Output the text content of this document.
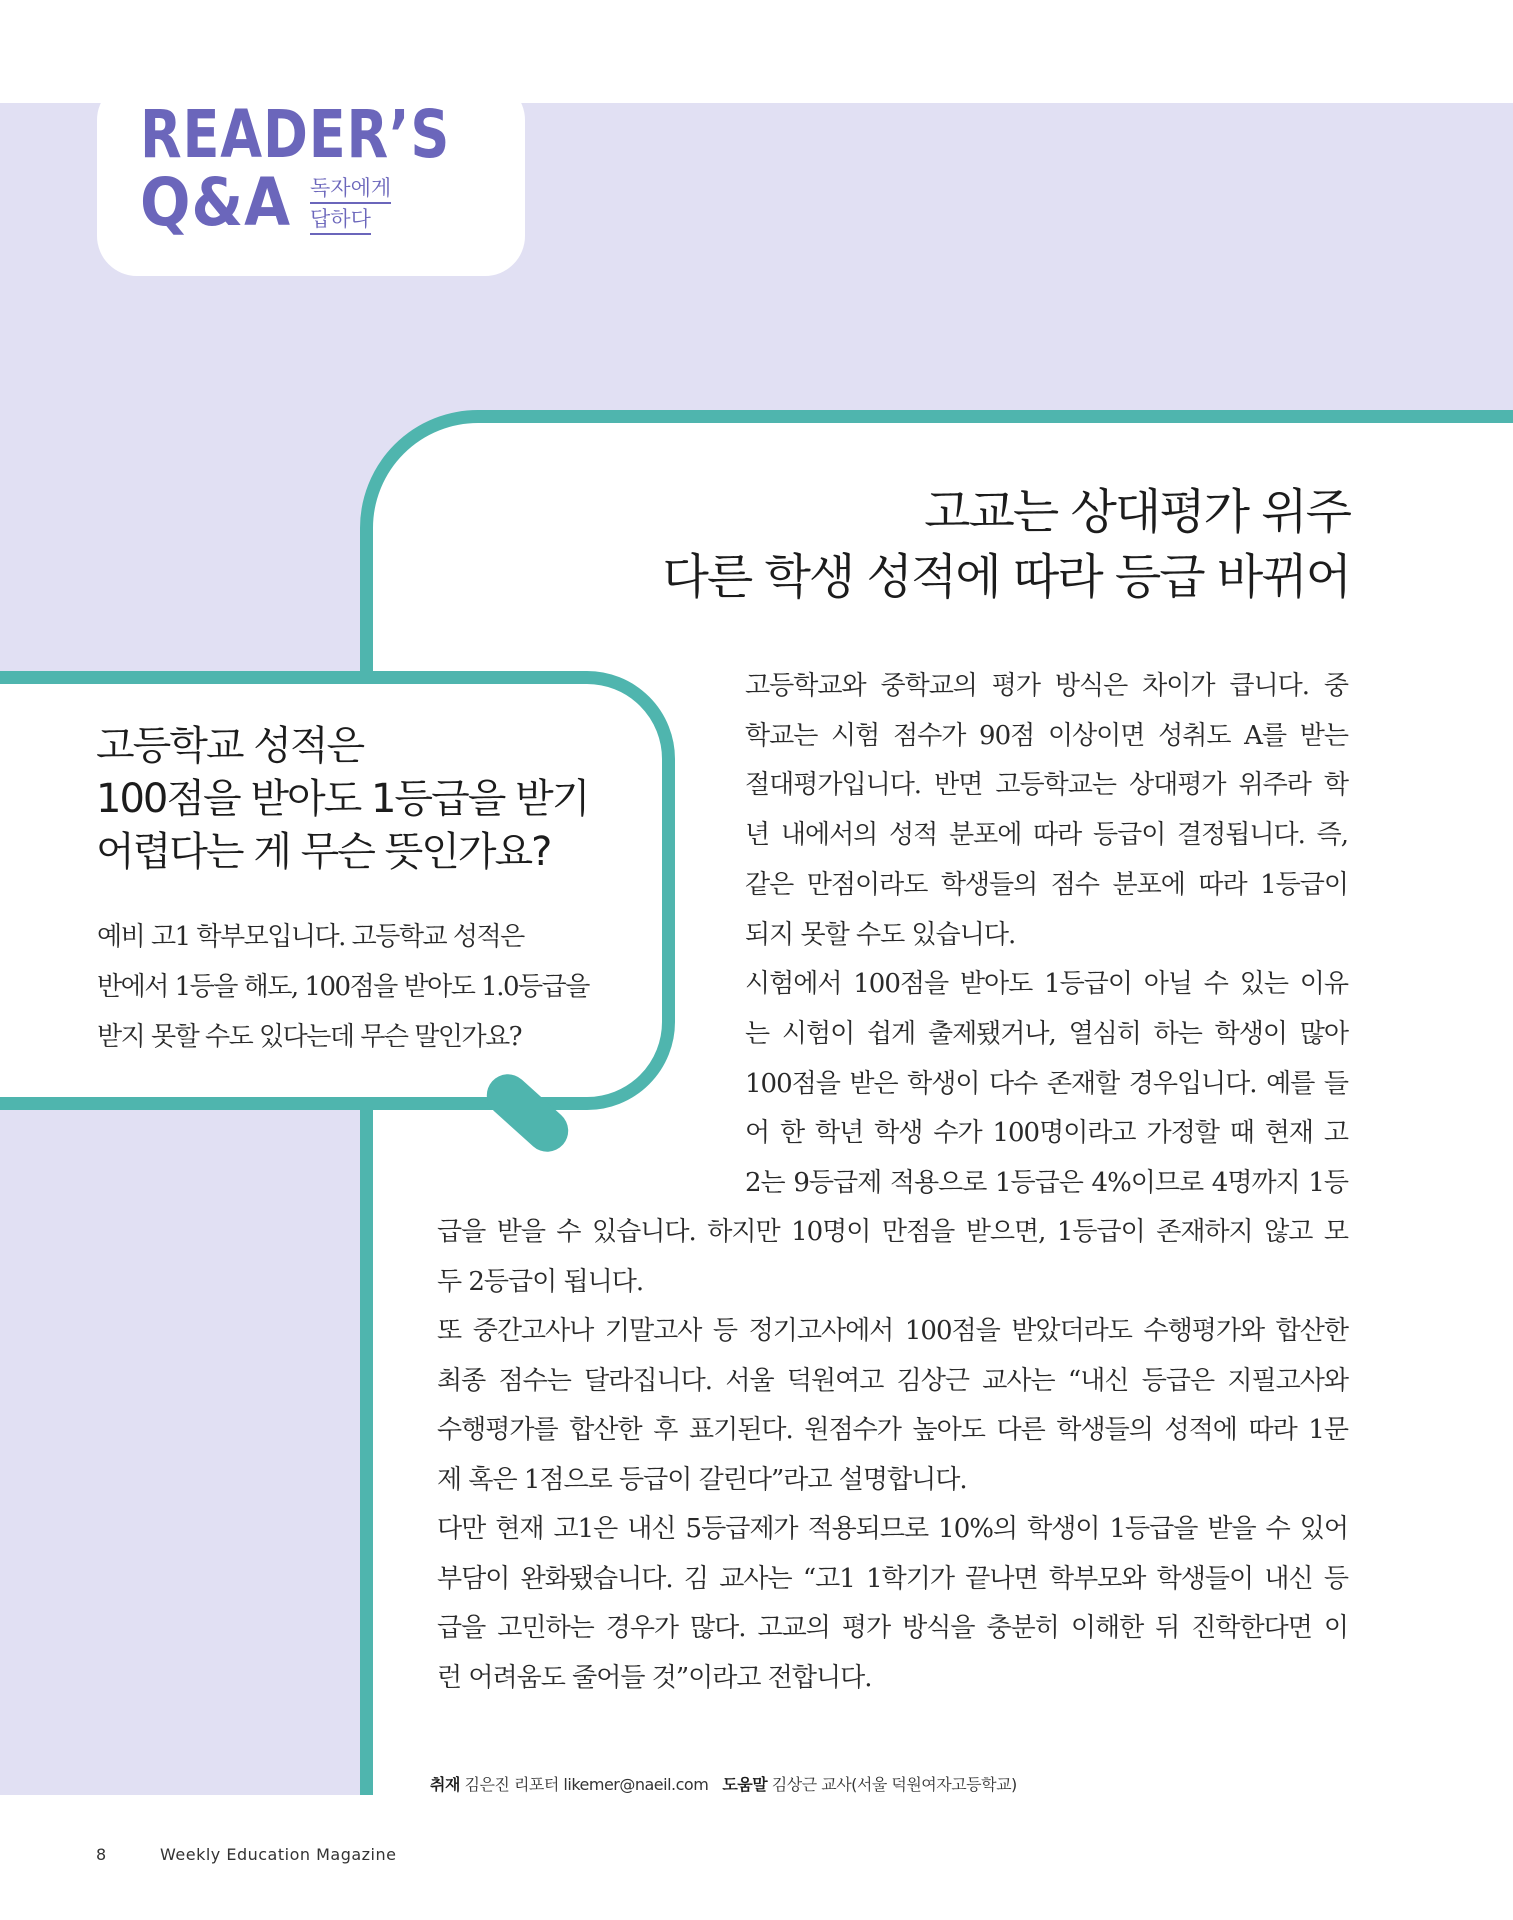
READER’S
Q&A 독자에게
답하다
고교는 상대평가 위주
다른 학생 성적에 따라 등급 바뀌어
고등학교 성적은
100점을 받아도 1등급을 받기
어렵다는 게 무슨 뜻인가요?
예비 고1 학부모입니다. 고등학교 성적은
반에서 1등을 해도, 100점을 받아도 1.0등급을
받지 못할 수도 있다는데 무슨 말인가요?
고등학교와 중학교의 평가 방식은 차이가 큽니다. 중
학교는 시험 점수가 90점 이상이면 성취도 A를 받는
절대평가입니다. 반면 고등학교는 상대평가 위주라 학
년 내에서의 성적 분포에 따라 등급이 결정됩니다. 즉,
같은 만점이라도 학생들의 점수 분포에 따라 1등급이
되지 못할 수도 있습니다.
시험에서 100점을 받아도 1등급이 아닐 수 있는 이유
는 시험이 쉽게 출제됐거나, 열심히 하는 학생이 많아
100점을 받은 학생이 다수 존재할 경우입니다. 예를 들
어 한 학년 학생 수가 100명이라고 가정할 때 현재 고
2는 9등급제 적용으로 1등급은 4%이므로 4명까지 1등
급을 받을 수 있습니다. 하지만 10명이 만점을 받으면, 1등급이 존재하지 않고 모
두 2등급이 됩니다.
또 중간고사나 기말고사 등 정기고사에서 100점을 받았더라도 수행평가와 합산한
최종 점수는 달라집니다. 서울 덕원여고 김상근 교사는 “내신 등급은 지필고사와
수행평가를 합산한 후 표기된다. 원점수가 높아도 다른 학생들의 성적에 따라 1문
제 혹은 1점으로 등급이 갈린다”라고 설명합니다.
다만 현재 고1은 내신 5등급제가 적용되므로 10%의 학생이 1등급을 받을 수 있어
부담이 완화됐습니다. 김 교사는 “고1 1학기가 끝나면 학부모와 학생들이 내신 등
급을 고민하는 경우가 많다. 고교의 평가 방식을 충분히 이해한 뒤 진학한다면 이
런 어려움도 줄어들 것”이라고 전합니다.
취재 김은진 리포터 likemer@naeil.com 도움말 김상근 교사(서울 덕원여자고등학교)
8	Weekly Education Magazine
